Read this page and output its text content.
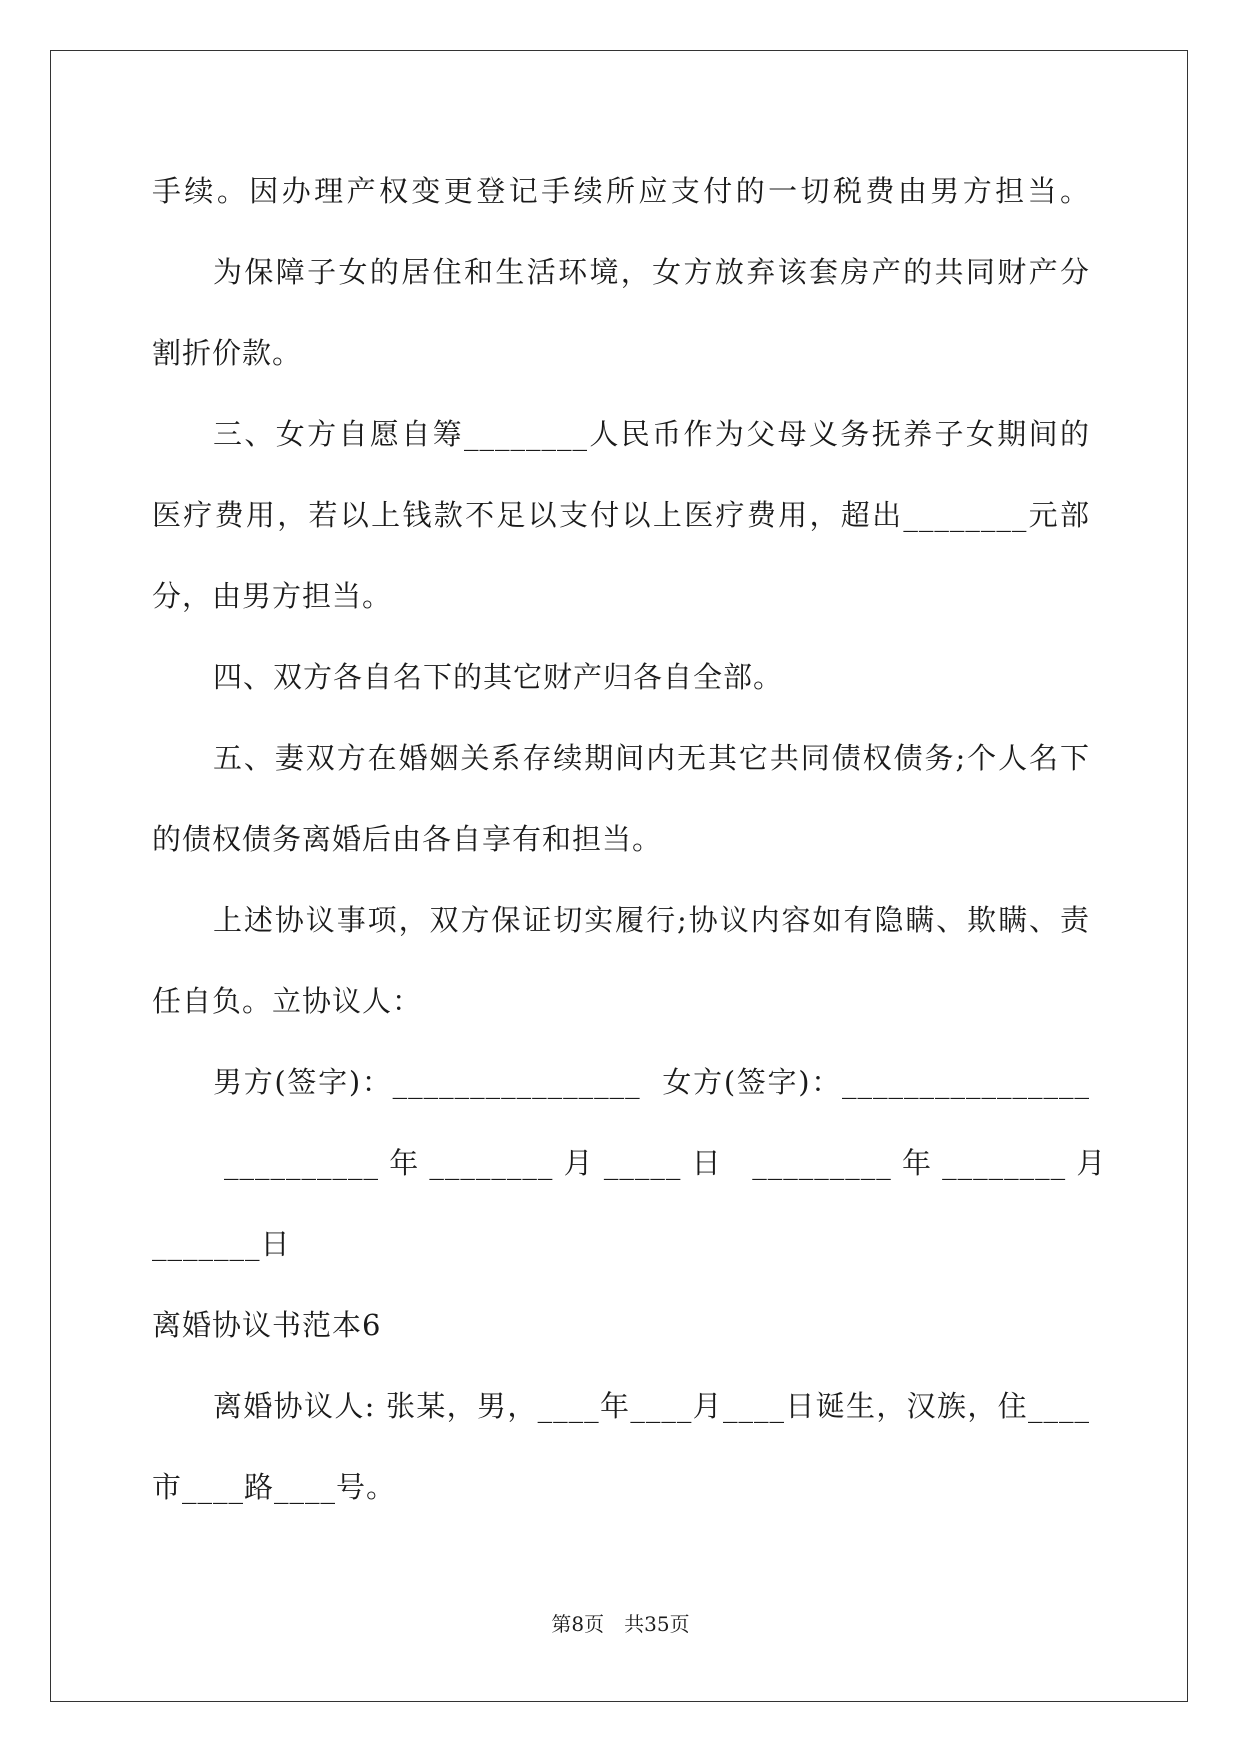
手续。因办理产权变更登记手续所应支付的一切税费由男方担当。
为保障子女的居住和生活环境，女方放弃该套房产的共同财产分
割折价款。
三、女方自愿自筹________人民币作为父母义务抚养子女期间的
医疗费用，若以上钱款不足以支付以上医疗费用，超出________元部
分，由男方担当。
四、双方各自名下的其它财产归各自全部。
五、妻双方在婚姻关系存续期间内无其它共同债权债务;个人名下
的债权债务离婚后由各自享有和担当。
上述协议事项，双方保证切实履行;协议内容如有隐瞒、欺瞒、责
任自负。立协议人：
男方(签字)：________________  女方(签字)：________________
__________ 年 ________ 月 _____ 日   _________ 年 ________ 月
_______日
离婚协议书范本6
离婚协议人: 张某，男，____年____月____日诞生，汉族，住____
市____路____号。
第8页　共35页
